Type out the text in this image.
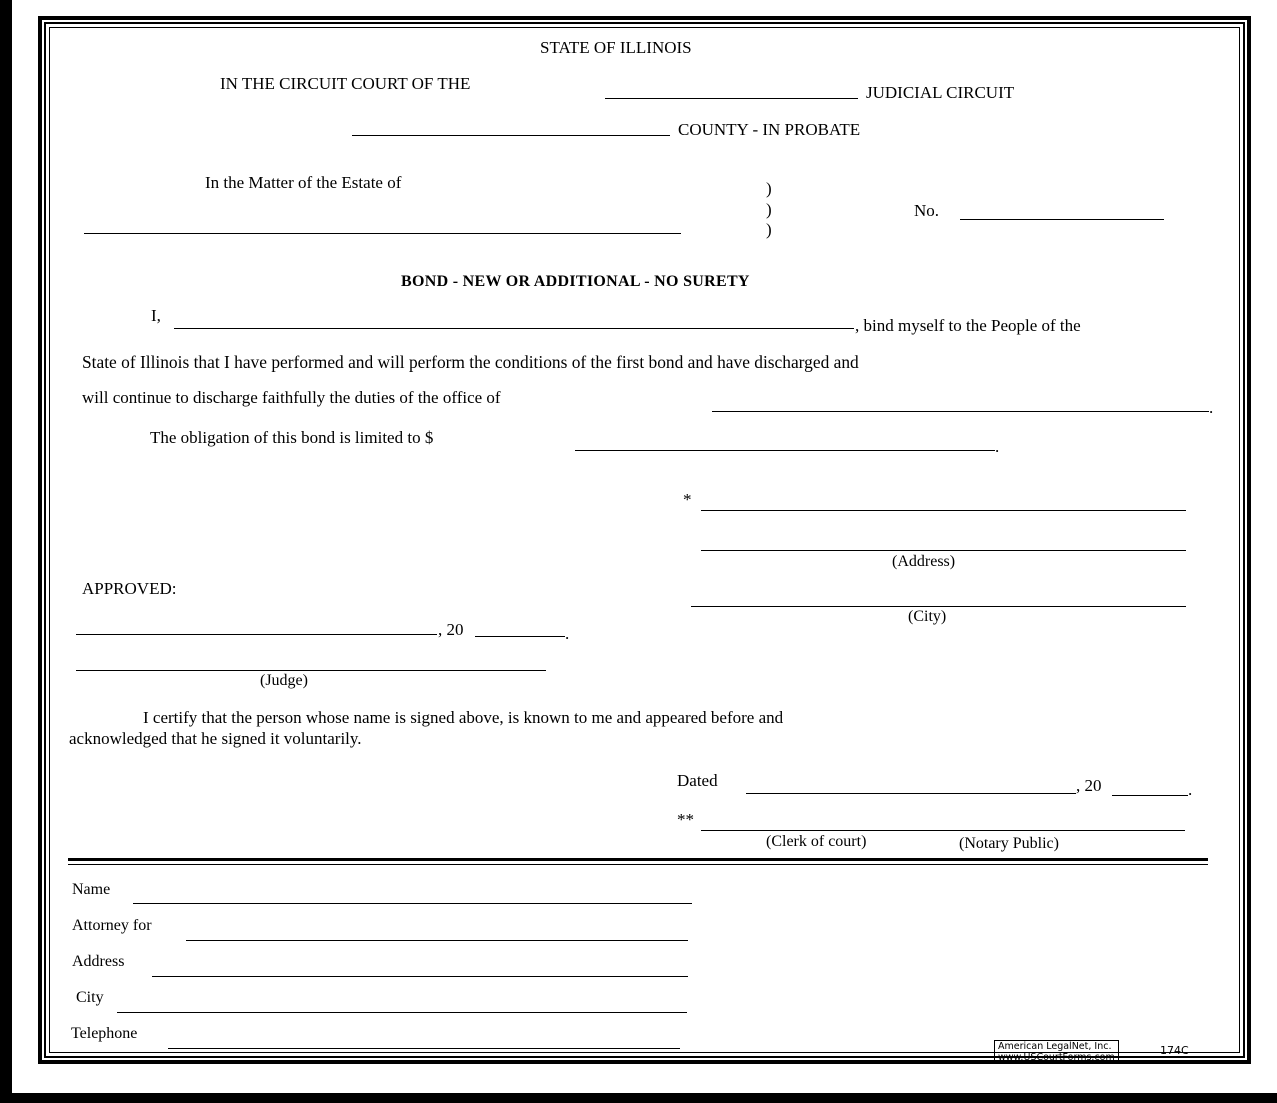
STATE OF ILLINOIS
IN THE CIRCUIT COURT OF THE	JUDICIAL CIRCUIT
COUNTY - IN PROBATE
In the Matter of the Estate of	)
)
)
No.
BOND - NEW OR ADDITIONAL - NO SURETY
I,
, bind myself to the People of the
State of Illinois that I have performed and will perform the conditions of the first bond and have discharged and
will continue to discharge faithfully the duties of the office of
.
The obligation of this bond is limited to $	.
*
(Address)
(City)
APPROVED:
, 20	.
(Judge)
I certify that the person whose name is signed above, is known to me and appeared before and
acknowledged that he signed it voluntarily.
Dated	, 20	.
**
(Clerk of court)	(Notary Public)
Name
Attorney for
Address
City
Telephone
American LegalNet, Inc.
www.USCourtForms.com
174C
